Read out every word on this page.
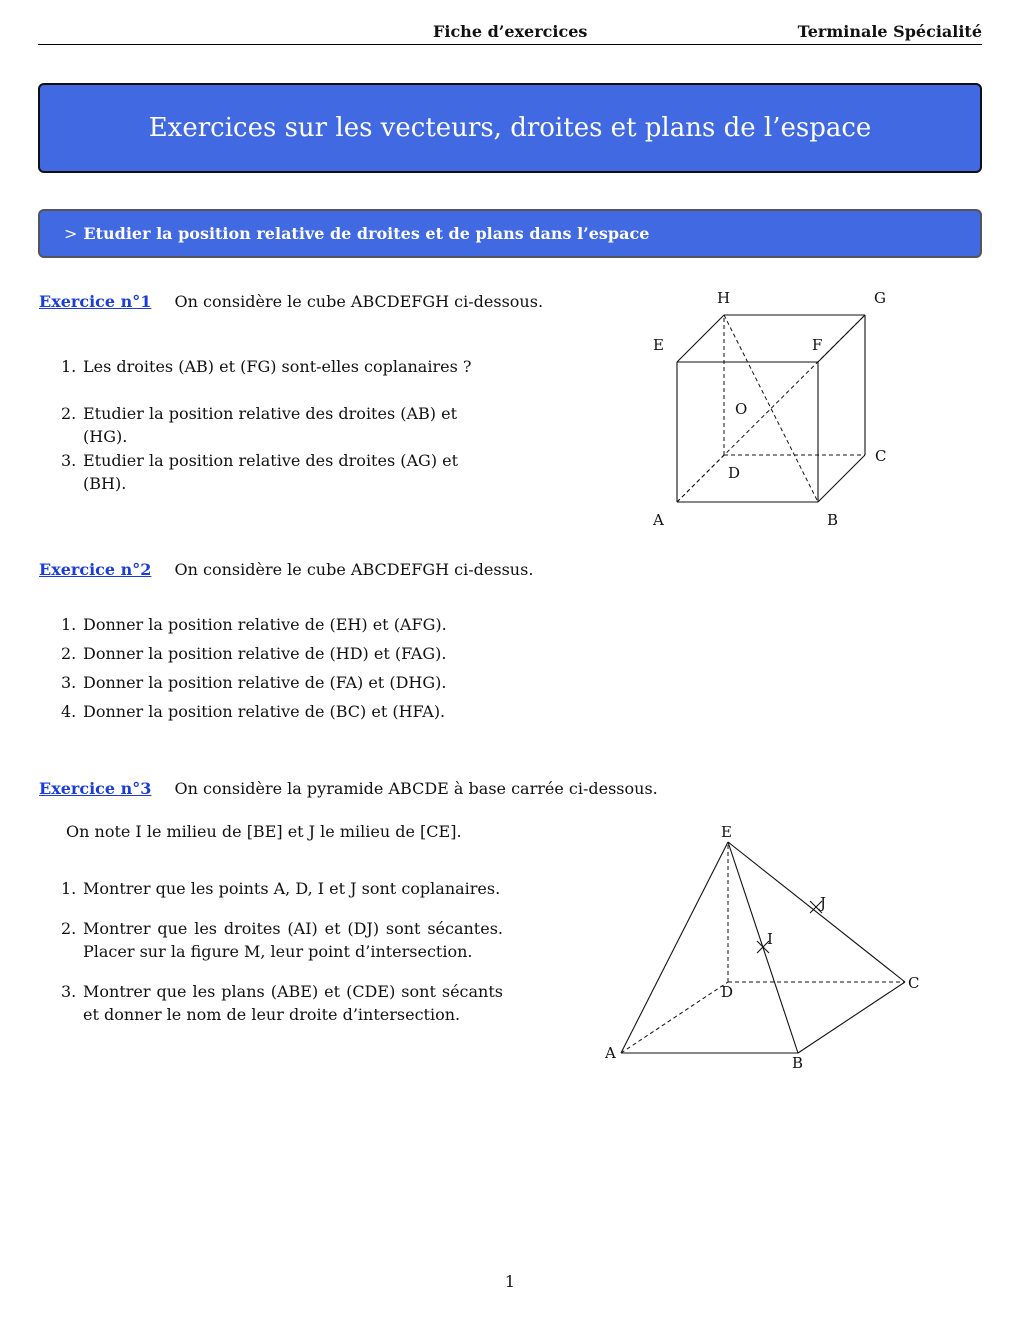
Fiche d’exercices	Terminale Spécialité
Exercices sur les vecteurs, droites et plans de l’espace
> Etudier la position relative de droites et de plans dans l’espace
Exercice n°1 On considère le cube ABCDEFGH ci-dessous.
1. Les droites (AB) et (FG) sont-elles coplanaires ?
2. Etudier la position relative des droites (AB) et (HG).
3. Etudier la position relative des droites (AG) et (BH).
A	B
C
D
E	F
G
H
O
Exercice n°2 On considère le cube ABCDEFGH ci-dessus.
1. Donner la position relative de (EH) et (AFG).
2. Donner la position relative de (HD) et (FAG).
3. Donner la position relative de (FA) et (DHG).
4. Donner la position relative de (BC) et (HFA).
Exercice n°3 On considère la pyramide ABCDE à base carrée ci-dessous.
On note I le milieu de [BE] et J le milieu de [CE].
1. Montrer que les points A, D, I et J sont coplanaires.
2. Montrer que les droites (AI) et (DJ) sont sécantes. Placer sur la figure M, leur point d’intersection.
3. Montrer que les plans (ABE) et (CDE) sont sécants et donner le nom de leur droite d’intersection.
A
B
C
D
E
I
J
1
